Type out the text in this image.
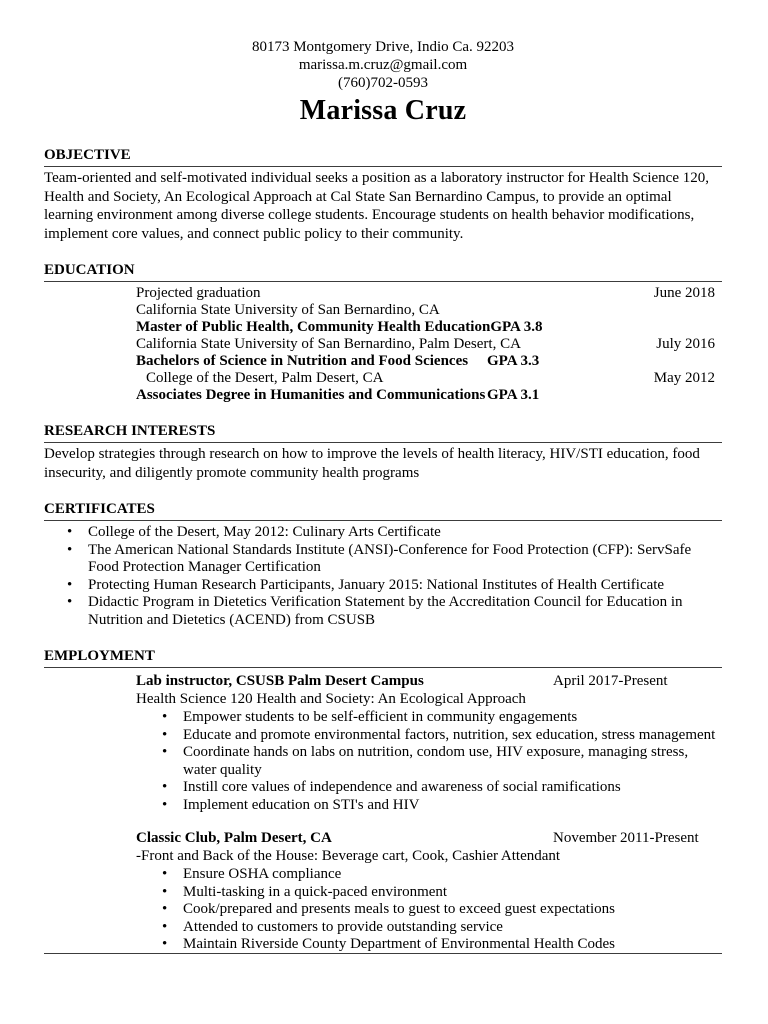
80173 Montgomery Drive, Indio Ca. 92203
marissa.m.cruz@gmail.com
(760)702-0593
Marissa Cruz
OBJECTIVE

Team-oriented and self-motivated individual seeks a position as a laboratory instructor for Health Science 120, Health and Society, An Ecological Approach at Cal State San Bernardino Campus, to provide an optimal learning environment among diverse college students. Encourage students on health behavior modifications, implement core values, and connect public policy to their community.

EDUCATION
Projected graduation	June 2018
California State University of San Bernardino, CA
Master of Public Health, Community Health Education GPA 3.8
California State University of San Bernardino, Palm Desert, CA	July 2016
Bachelors of Science in Nutrition and Food Sciences	GPA 3.3
College of the Desert, Palm Desert, CA	May 2012
Associates Degree in Humanities and Communications GPA 3.1
RESEARCH INTERESTS

Develop strategies through research on how to improve the levels of health literacy, HIV/STI education, food insecurity, and diligently promote community health programs

CERTIFICATES
• College of the Desert, May 2012: Culinary Arts Certificate
• The American National Standards Institute (ANSI)-Conference for Food Protection (CFP): ServSafe Food Protection Manager Certification
• Protecting Human Research Participants, January 2015: National Institutes of Health Certificate
• Didactic Program in Dietetics Verification Statement by the Accreditation Council for Education in Nutrition and Dietetics (ACEND) from CSUSB
EMPLOYMENT
Lab instructor, CSUSB Palm Desert Campus	April 2017-Present
Health Science 120 Health and Society: An Ecological Approach
• Empower students to be self-efficient in community engagements
• Educate and promote environmental factors, nutrition, sex education, stress management
• Coordinate hands on labs on nutrition, condom use, HIV exposure, managing stress, water quality
• Instill core values of independence and awareness of social ramifications
• Implement education on STI's and HIV
Classic Club, Palm Desert, CA	November 2011-Present
-Front and Back of the House: Beverage cart, Cook, Cashier Attendant
• Ensure OSHA compliance
• Multi-tasking in a quick-paced environment
• Cook/prepared and presents meals to guest to exceed guest expectations
• Attended to customers to provide outstanding service
• Maintain Riverside County Department of Environmental Health Codes
